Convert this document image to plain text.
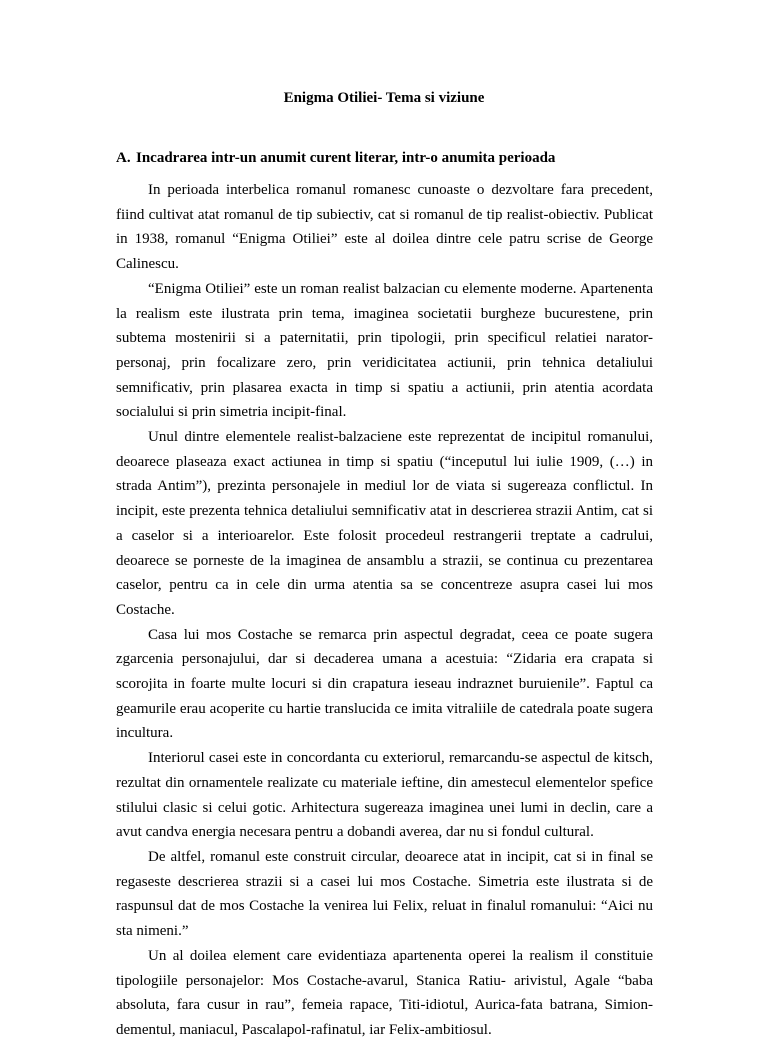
Enigma Otiliei- Tema si viziune
A. Incadrarea intr-un anumit curent literar, intr-o anumita perioada

In perioada interbelica romanul romanesc cunoaste o dezvoltare fara precedent, fiind cultivat atat romanul de tip subiectiv, cat si romanul de tip realist-obiectiv. Publicat in 1938, romanul “Enigma Otiliei” este al doilea dintre cele patru scrise de George Calinescu.

“Enigma Otiliei” este un roman realist balzacian cu elemente moderne. Apartenenta la realism este ilustrata prin tema, imaginea societatii burgheze bucurestene, prin subtema mostenirii si a paternitatii, prin tipologii, prin specificul relatiei narator-personaj, prin focalizare zero, prin veridicitatea actiunii, prin tehnica detaliului semnificativ, prin plasarea exacta in timp si spatiu a actiunii, prin atentia acordata socialului si prin simetria incipit-final.

Unul dintre elementele realist-balzaciene este reprezentat de incipitul romanului, deoarece plaseaza exact actiunea in timp si spatiu (“inceputul lui iulie 1909, (…) in strada Antim”), prezinta personajele in mediul lor de viata si sugereaza conflictul. In incipit, este prezenta tehnica detaliului semnificativ atat in descrierea strazii Antim, cat si a caselor si a interioarelor. Este folosit procedeul restrangerii treptate a cadrului, deoarece se porneste de la imaginea de ansamblu a strazii, se continua cu prezentarea caselor, pentru ca in cele din urma atentia sa se concentreze asupra casei lui mos Costache.

Casa lui mos Costache se remarca prin aspectul degradat, ceea ce poate sugera zgarcenia personajului, dar si decaderea umana a acestuia: “Zidaria era crapata si scorojita in foarte multe locuri si din crapatura ieseau indraznet buruienile”. Faptul ca geamurile erau acoperite cu hartie translucida ce imita vitraliile de catedrala poate sugera incultura.

Interiorul casei este in concordanta cu exteriorul, remarcandu-se aspectul de kitsch, rezultat din ornamentele realizate cu materiale ieftine, din amestecul elementelor spefice stilului clasic si celui gotic. Arhitectura sugereaza imaginea unei lumi in declin, care a avut candva energia necesara pentru a dobandi averea, dar nu si fondul cultural.

De altfel, romanul este construit circular, deoarece atat in incipit, cat si in final se regaseste descrierea strazii si a casei lui mos Costache. Simetria este ilustrata si de raspunsul dat de mos Costache la venirea lui Felix, reluat in finalul romanului: “Aici nu sta nimeni.”

Un al doilea element care evidentiaza apartenenta operei la realism il constituie tipologiile personajelor: Mos Costache-avarul, Stanica Ratiu- arivistul, Agale “baba absoluta, fara cusur in rau”, femeia rapace, Titi-idiotul, Aurica-fata batrana, Simion-dementul, maniacul, Pascalapol-rafinatul, iar Felix-ambitiosul.
